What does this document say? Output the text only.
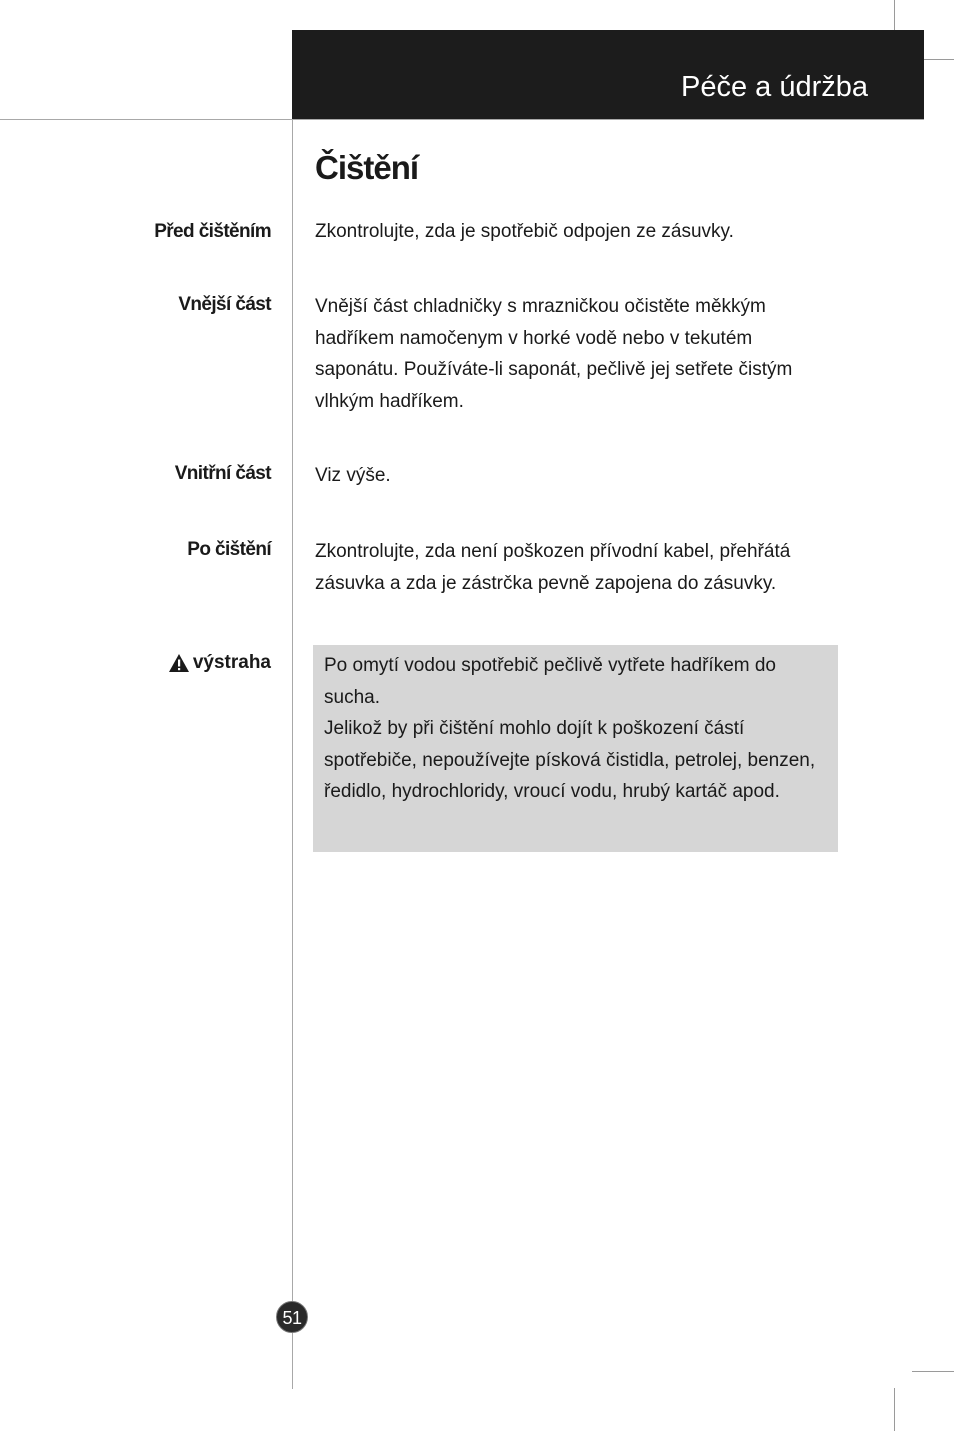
Péče a údržba
Čištění

Před čištěním Zkontrolujte, zda je spotřebič odpojen ze zásuvky.

Vnější část Vnější část chladničky s mrazničkou očistěte měkkým hadříkem namočenym v horké vodě nebo v tekutém saponátu. Používáte-li saponát, pečlivě jej setřete čistým vlhkým hadříkem.

Vnitřní část Viz výše.

Po čištění Zkontrolujte, zda není poškozen přívodní kabel, přehřátá zásuvka a zda je zástrčka pevně zapojena do zásuvky.

výstraha	Po omytí vodou spotřebič pečlivě vytřete hadříkem do sucha.

Jelikož by při čištění mohlo dojít k poškození částí spotřebiče, nepoužívejte písková čistidla, petrolej, benzen, ředidlo, hydrochloridy, vroucí vodu, hrubý kartáč apod.

51
